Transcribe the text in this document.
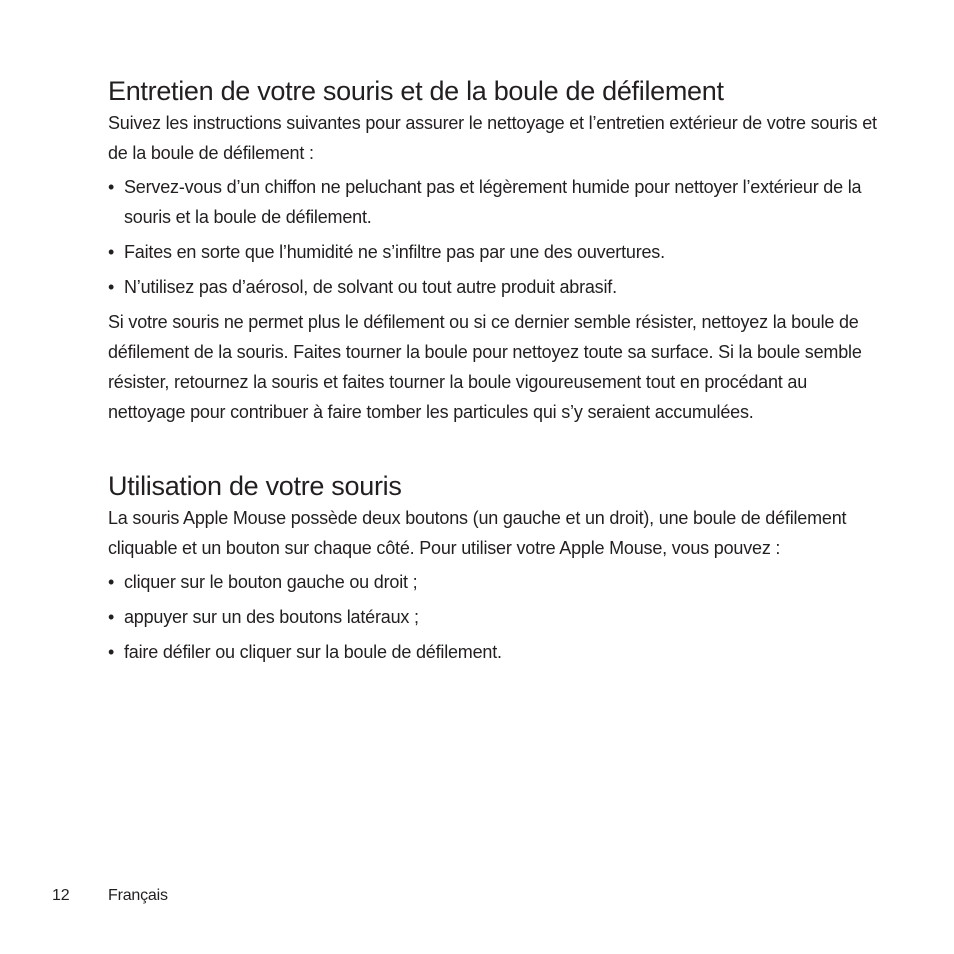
Entretien de votre souris et de la boule de défilement

Suivez les instructions suivantes pour assurer le nettoyage et l’entretien extérieur de votre souris et de la boule de défilement :

• Servez-vous d’un chiffon ne peluchant pas et légèrement humide pour nettoyer l’extérieur de la souris et la boule de défilement.
• Faites en sorte que l’humidité ne s’infiltre pas par une des ouvertures.
• N’utilisez pas d’aérosol, de solvant ou tout autre produit abrasif.

Si votre souris ne permet plus le défilement ou si ce dernier semble résister, nettoyez la boule de défilement de la souris. Faites tourner la boule pour nettoyez toute sa surface. Si la boule semble résister, retournez la souris et faites tourner la boule vigoureusement tout en procédant au nettoyage pour contribuer à faire tomber les particules qui s’y seraient accumulées.

Utilisation de votre souris

La souris Apple Mouse possède deux boutons (un gauche et un droit), une boule de défilement cliquable et un bouton sur chaque côté. Pour utiliser votre Apple Mouse, vous pouvez :

• cliquer sur le bouton gauche ou droit ;
• appuyer sur un des boutons latéraux ;
• faire défiler ou cliquer sur la boule de défilement.
12 Français
